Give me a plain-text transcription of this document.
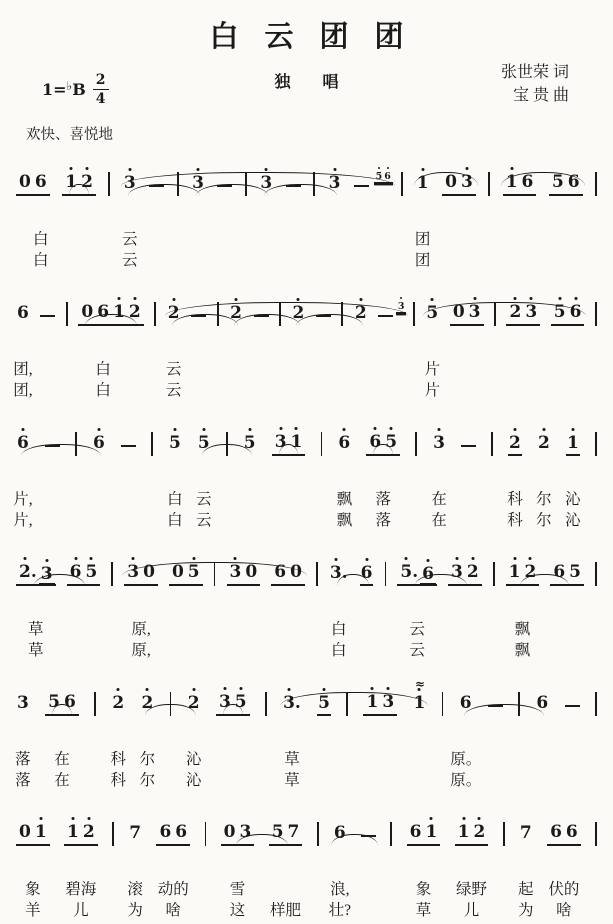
白云团团
$1=^♭B \frac{2}{4}$	独 唱
张世荣 词
宝 贵 曲
欢快、喜悦地
0 6 1 2 3	3	3	3	5 6 1 0 3 1 6 5 6
白	云	团
白	云	团
6	0 6 1 2 2	2	2	2	3 5 0 3 2 3 5 6
团,	白	云	片
团,	白	云	片
6	6	5 5 5 3 1 6 6 5 3	2 2 1
片,	白 云	飘 落	在	科 尔 沁
片,	白 云	飘 落	在	科 尔 沁
2. 3 6 5 3 0 0 5 3 0 6 0 3. 6 5. 6 3 2 1 2 6 5
草	原,	白	云	飘
草	原,	白	云	飘
3 5 6 2 2 2 3 5 3. 5 1 3
≈
1 6	6
落 在	科 尔 沁	草	原。
落 在	科 尔 沁	草	原。
0 1 1 2 7 6 6 0 3 5 7 6	6 1 1 2 7 6 6
象 碧海 滚 动的	雪	浪,	象 绿野 起 伏的
羊 儿	为 啥	这 样肥 壮?	草 儿	为 啥
